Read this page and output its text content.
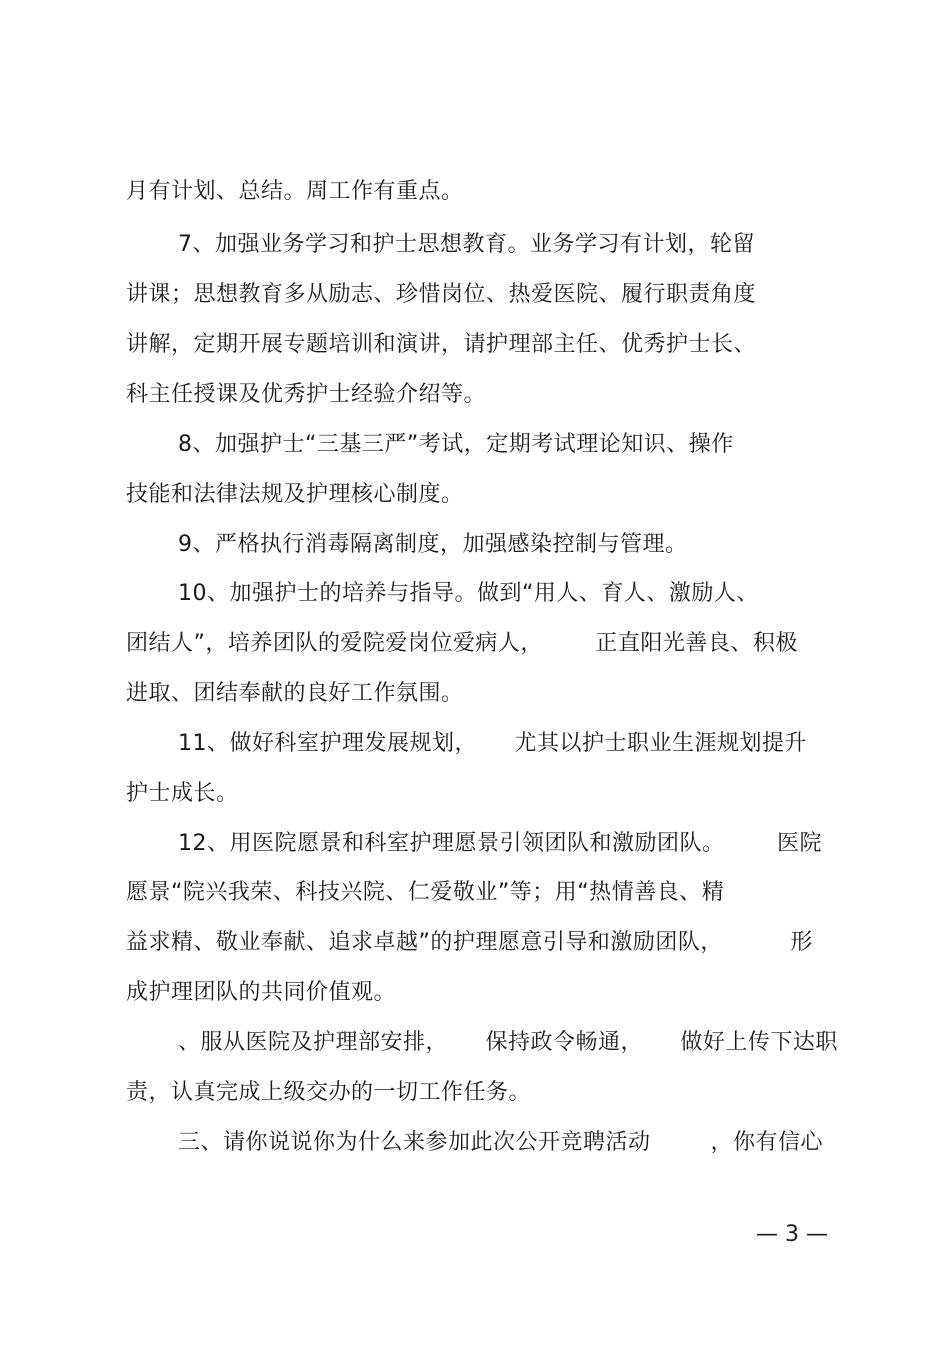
月有计划、总结。周工作有重点。
7、加强业务学习和护士思想教育。业务学习有计划，轮留
讲课；思想教育多从励志、珍惜岗位、热爱医院、履行职责角度
讲解，定期开展专题培训和演讲，请护理部主任、优秀护士长、
科主任授课及优秀护士经验介绍等。
8、加强护士“三基三严”考试，定期考试理论知识、操作
技能和法律法规及护理核心制度。
9、严格执行消毒隔离制度，加强感染控制与管理。
10、加强护士的培养与指导。做到“用人、育人、激励人、
团结人”，培养团队的爱院爱岗位爱病人，       正直阳光善良、积极
进取、团结奉献的良好工作氛围。
11、做好科室护理发展规划，     尤其以护士职业生涯规划提升
护士成长。
12、用医院愿景和科室护理愿景引领团队和激励团队。       医院
愿景“院兴我荣、科技兴院、仁爱敬业”等；用“热情善良、精
益求精、敬业奉献、追求卓越”的护理愿意引导和激励团队，         形
成护理团队的共同价值观。
、服从医院及护理部安排，     保持政令畅通，     做好上传下达职
责，认真完成上级交办的一切工作任务。
三、请你说说你为什么来参加此次公开竞聘活动        ，你有信心
— 3 —
